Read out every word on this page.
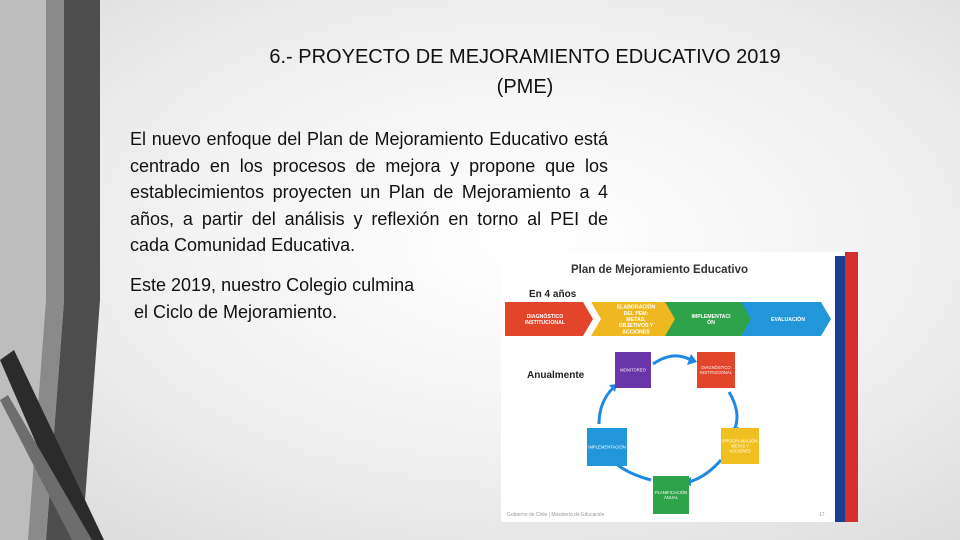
6.- PROYECTO DE MEJORAMIENTO EDUCATIVO 2019
(PME)
El nuevo enfoque del Plan de Mejoramiento Educativo está centrado en los procesos de mejora y propone que los establecimientos proyecten un Plan de Mejoramiento a 4 años, a partir del análisis y reflexión en torno al PEI de cada Comunidad Educativa.
Este 2019, nuestro Colegio culmina
el Ciclo de Mejoramiento.
Plan de Mejoramiento Educativo
En 4 años
Anualmente
DIAGNÓSTICO
INSTITUCIONAL
ELABORACIÓN
DEL PEM:
METAS,
OBJETIVOS Y
ACCIONES
IMPLEMENTACI
ÓN
EVALUACIÓN
MONITOREO
DIAGNÓSTICO
INSTITUCIONAL
PROGRAMACIÓN
METAS Y
ACCIONES
PLANIFICACIÓN
ANUAL
IMPLEMENTACIÓN
Gobierno de Chile | Ministerio de Educación	17
